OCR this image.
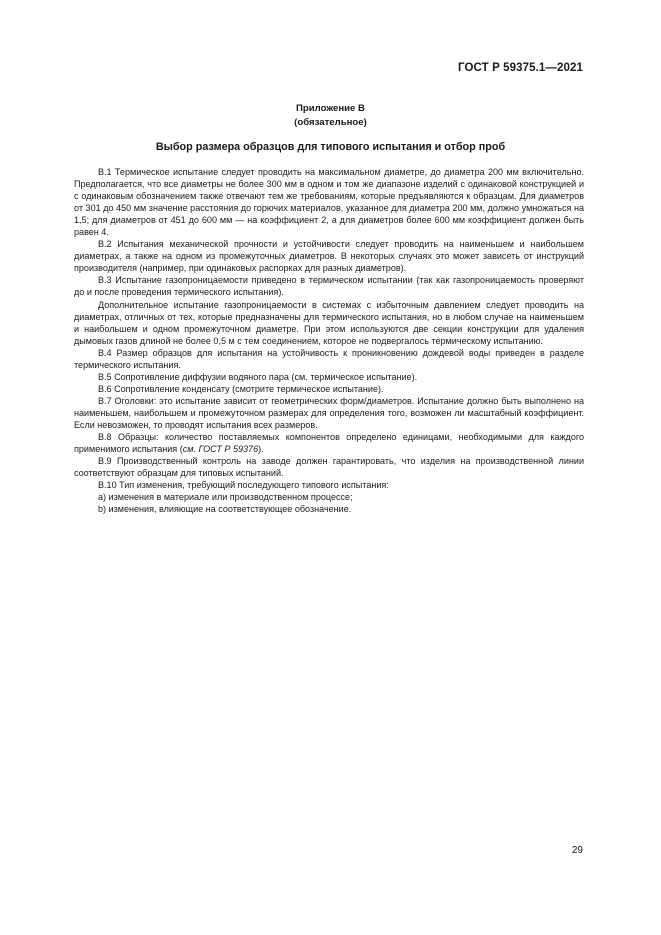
ГОСТ Р 59375.1—2021
Приложение В
(обязательное)
Выбор размера образцов для типового испытания и отбор проб

В.1 Термическое испытание следует проводить на максимальном диаметре, до диаметра 200 мм включительно. Предполагается, что все диаметры не более 300 мм в одном и том же диапазоне изделий с одинаковой конструкцией и с одинаковым обозначением также отвечают тем же требованиям, которые предъявляются к образцам. Для диаметров от 301 до 450 мм значение расстояния до горючих материалов, указанное для диаметра 200 мм, должно умножаться на 1,5; для диаметров от 451 до 600 мм — на коэффициент 2, а для диаметров более 600 мм коэффициент должен быть равен 4.

В.2 Испытания механической прочности и устойчивости следует проводить на наименьшем и наибольшем диаметрах, а также на одном из промежуточных диаметров. В некоторых случаях это может зависеть от инструкций производителя (например, при одинаковых распорках для разных диаметров).

В.3 Испытание газопроницаемости приведено в термическом испытании (так как газопроницаемость проверяют до и после проведения термического испытания).

Дополнительное испытание газопроницаемости в системах с избыточным давлением следует проводить на диаметрах, отличных от тех, которые предназначены для термического испытания, но в любом случае на наименьшем и наибольшем и одном промежуточном диаметре. При этом используются две секции конструкции для удаления дымовых газов длиной не более 0,5 м с тем соединением, которое не подвергалось термическому испытанию.

В.4 Размер образцов для испытания на устойчивость к проникновению дождевой воды приведен в разделе термического испытания.

В.5 Сопротивление диффузии водяного пара (см. термическое испытание).

В.6 Сопротивление конденсату (смотрите термическое испытание).

В.7 Оголовки: это испытание зависит от геометрических форм/диаметров. Испытание должно быть выполнено на наименьшем, наибольшем и промежуточном размерах для определения того, возможен ли масштабный коэффициент. Если невозможен, то проводят испытания всех размеров.

В.8 Образцы: количество поставляемых компонентов определено единицами, необходимыми для каждого применимого испытания (см. ГОСТ Р 59376).

В.9 Производственный контроль на заводе должен гарантировать, что изделия на производственной линии соответствуют образцам для типовых испытаний.

В.10 Тип изменения, требующий последующего типового испытания:

а) изменения в материале или производственном процессе;

b) изменения, влияющие на соответствующее обозначение.

29
